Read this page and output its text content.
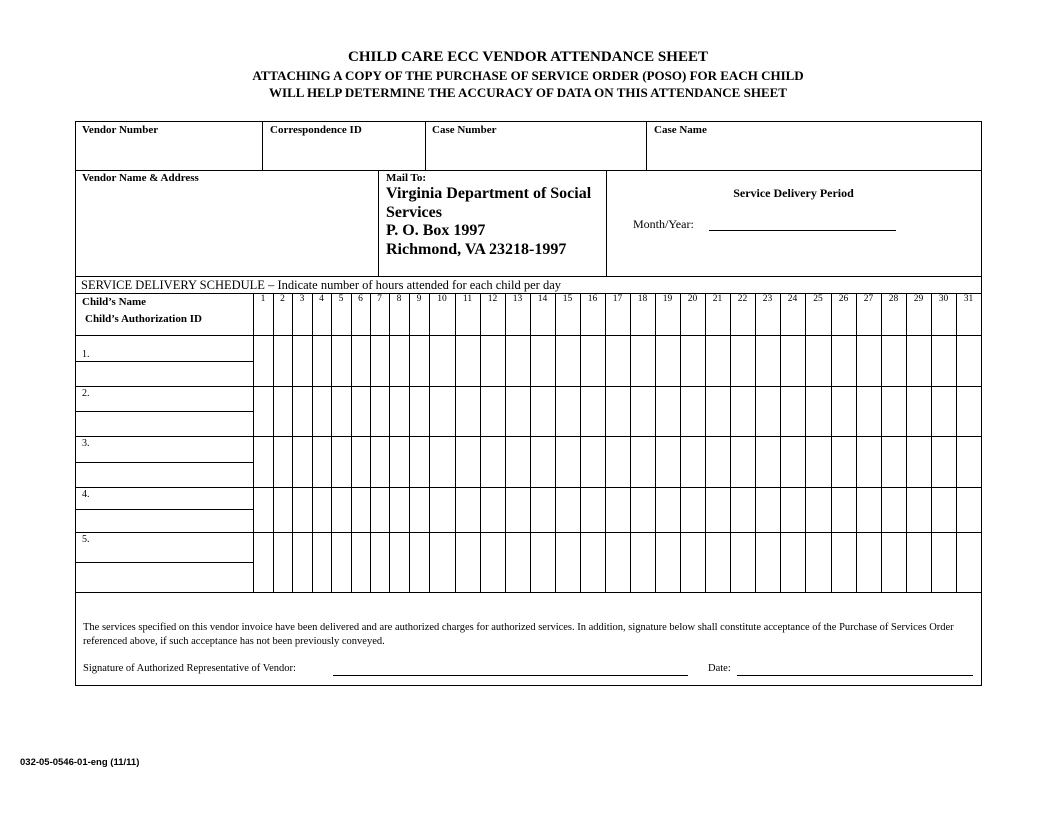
CHILD CARE ECC VENDOR ATTENDANCE SHEET
ATTACHING A COPY OF THE PURCHASE OF SERVICE ORDER (POSO) FOR EACH CHILD
WILL HELP DETERMINE THE ACCURACY OF DATA ON THIS ATTENDANCE SHEET
Vendor Number	Correspondence ID	Case Number	Case Name
Vendor Name & Address	Mail To:
Virginia Department of Social
Services
P. O. Box 1997
Richmond, VA 23218-1997
Service Delivery Period
Month/Year:
SERVICE DELIVERY SCHEDULE – Indicate number of hours attended for each child per day
Child’s Name
Child’s Authorization ID
1	2	3	4	5	6	7	8	9	10	11	12	13	14	15	16	17	18	19	20	21	22	23	24	25	26	27	28	29	30	31
1.
2.
3.
4.
5.
The services specified on this vendor invoice have been delivered and are authorized charges for authorized services. In addition, signature below shall constitute acceptance of the Purchase of Services Order referenced above, if such acceptance has not been previously conveyed.
Signature of Authorized Representative of Vendor:	Date:
032-05-0546-01-eng (11/11)
